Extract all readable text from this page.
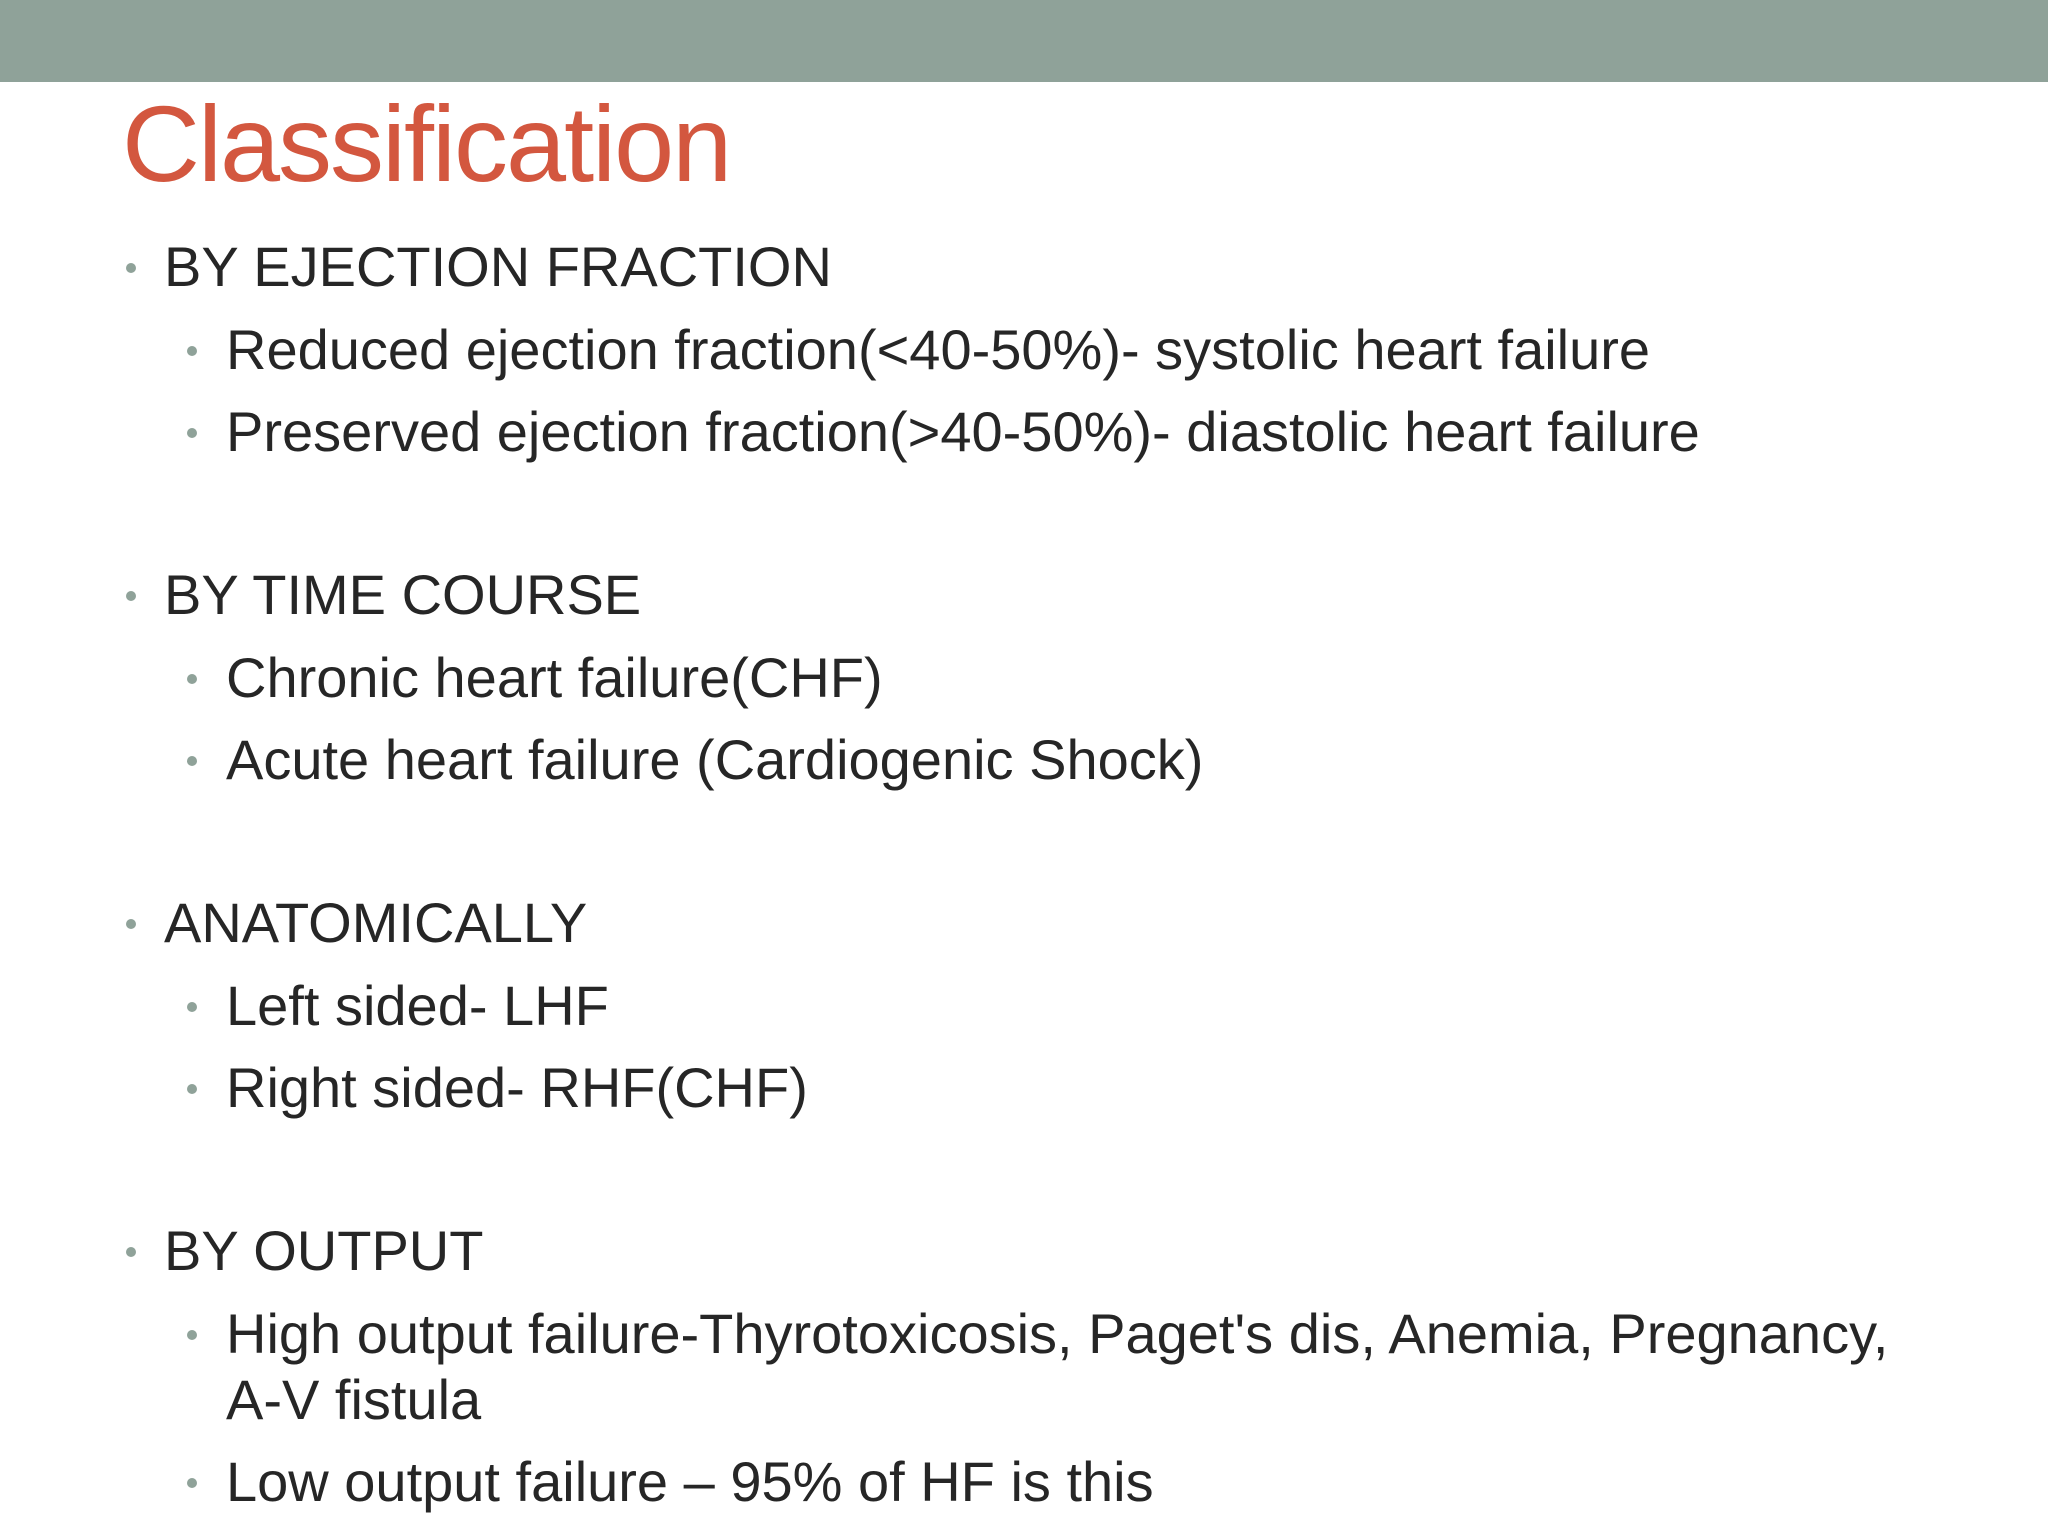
Classification
BY EJECTION FRACTION
Reduced ejection fraction(<40-50%)- systolic heart failure
Preserved ejection fraction(>40-50%)- diastolic heart failure
BY TIME COURSE
Chronic heart failure(CHF)
Acute heart failure (Cardiogenic Shock)
ANATOMICALLY
Left sided- LHF
Right sided- RHF(CHF)
BY OUTPUT
High output failure-Thyrotoxicosis, Paget's dis, Anemia, Pregnancy, A-V fistula
Low output failure – 95% of HF is this
